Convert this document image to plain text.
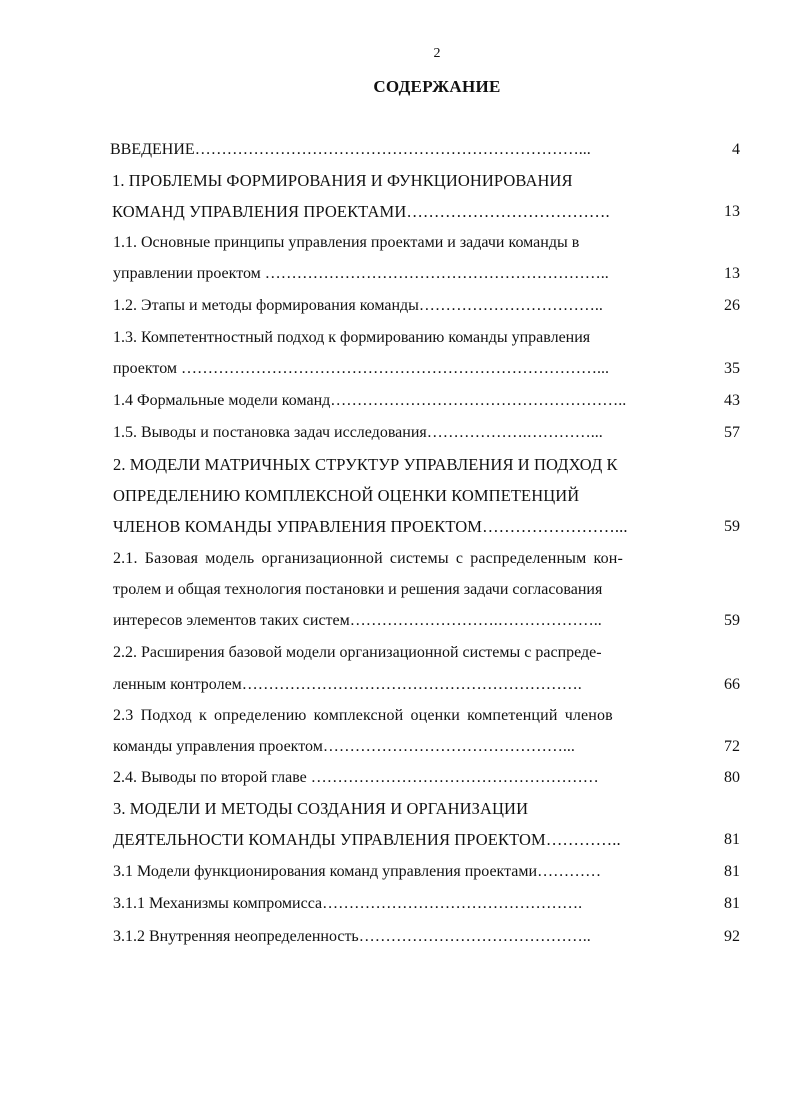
2
СОДЕРЖАНИЕ
ВВЕДЕНИЕ………………………………………………………………...	4
1. ПРОБЛЕМЫ ФОРМИРОВАНИЯ И ФУНКЦИОНИРОВАНИЯ
КОМАНД УПРАВЛЕНИЯ ПРОЕКТАМИ……………………………….	13
1.1. Основные принципы управления проектами и задачи команды в
управлении проектом ………………………………………………………..	13
1.2. Этапы и методы формирования команды……………………………..	26
1.3. Компетентностный подход к формированию команды управления
проектом ……………………………………………………………………...	35
1.4 Формальные модели команд………………………………………………..	43
1.5. Выводы и постановка задач исследования……………….…………...	57
2. МОДЕЛИ МАТРИЧНЫХ СТРУКТУР УПРАВЛЕНИЯ И ПОДХОД К
ОПРЕДЕЛЕНИЮ КОМПЛЕКСНОЙ ОЦЕНКИ КОМПЕТЕНЦИЙ
ЧЛЕНОВ КОМАНДЫ УПРАВЛЕНИЯ ПРОЕКТОМ……………………...	59
2.1. Базовая модель организационной системы с распределенным кон-
тролем и общая технология постановки и решения задачи согласования
интересов элементов таких систем……………………….………………..	59
2.2. Расширения базовой модели организационной системы с распреде-
ленным контролем……………………………………………………….	66
2.3 Подход к определению комплексной оценки компетенций членов
команды управления проектом………………………………………...	72
2.4. Выводы по второй главе ………………………………………………	80
3. МОДЕЛИ И МЕТОДЫ СОЗДАНИЯ И ОРГАНИЗАЦИИ
ДЕЯТЕЛЬНОСТИ КОМАНДЫ УПРАВЛЕНИЯ ПРОЕКТОМ…………..	81
3.1 Модели функционирования команд управления проектами…………	81
3.1.1 Механизмы компромисса………………………………………….	81
3.1.2 Внутренняя неопределенность……………………………………..	92
